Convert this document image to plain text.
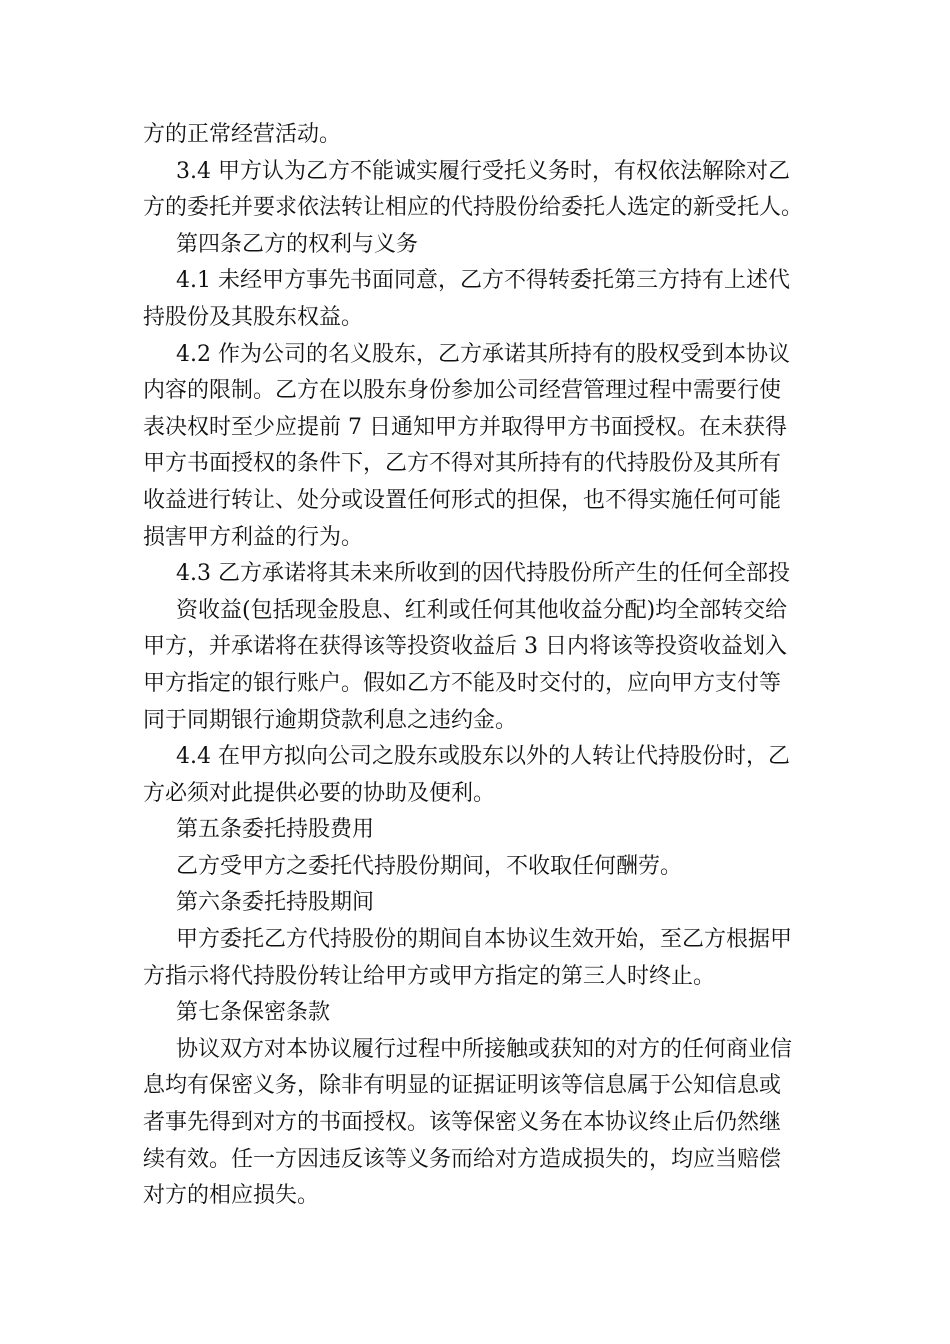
方的正常经营活动。

3.4 甲方认为乙方不能诚实履行受托义务时，有权依法解除对乙

方的委托并要求依法转让相应的代持股份给委托人选定的新受托人。

第四条乙方的权利与义务

4.1 未经甲方事先书面同意，乙方不得转委托第三方持有上述代

持股份及其股东权益。

4.2 作为公司的名义股东，乙方承诺其所持有的股权受到本协议

内容的限制。乙方在以股东身份参加公司经营管理过程中需要行使

表决权时至少应提前 7 日通知甲方并取得甲方书面授权。在未获得

甲方书面授权的条件下，乙方不得对其所持有的代持股份及其所有

收益进行转让、处分或设置任何形式的担保，也不得实施任何可能

损害甲方利益的行为。

4.3 乙方承诺将其未来所收到的因代持股份所产生的任何全部投

资收益(包括现金股息、红利或任何其他收益分配)均全部转交给

甲方，并承诺将在获得该等投资收益后 3 日内将该等投资收益划入

甲方指定的银行账户。假如乙方不能及时交付的，应向甲方支付等

同于同期银行逾期贷款利息之违约金。

4.4 在甲方拟向公司之股东或股东以外的人转让代持股份时，乙

方必须对此提供必要的协助及便利。

第五条委托持股费用

乙方受甲方之委托代持股份期间，不收取任何酬劳。

第六条委托持股期间

甲方委托乙方代持股份的期间自本协议生效开始，至乙方根据甲

方指示将代持股份转让给甲方或甲方指定的第三人时终止。

第七条保密条款

协议双方对本协议履行过程中所接触或获知的对方的任何商业信

息均有保密义务，除非有明显的证据证明该等信息属于公知信息或

者事先得到对方的书面授权。该等保密义务在本协议终止后仍然继

续有效。任一方因违反该等义务而给对方造成损失的，均应当赔偿

对方的相应损失。
